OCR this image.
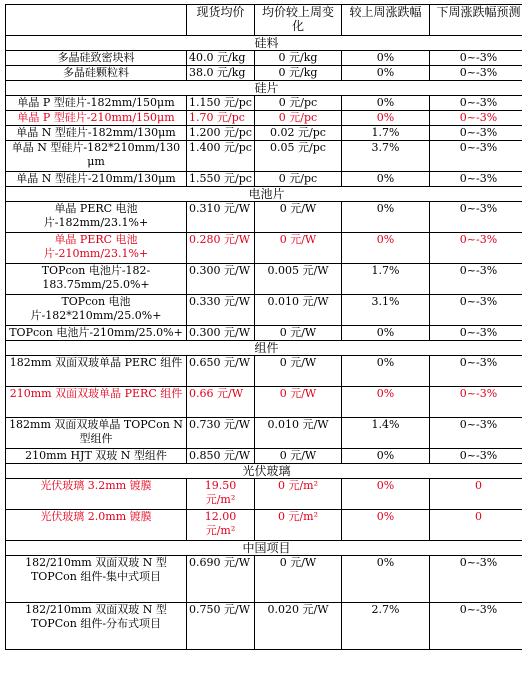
	现货均价	均价较上周变化	较上周涨跌幅	下周涨跌幅预测
硅料				
多晶硅致密块料	40.0 元/kg	0 元/kg	0%	0~-3%
多晶硅颗粒料	38.0 元/kg	0 元/kg	0%	0~-3%
硅片				
单晶 P 型硅片-182mm/150μm	1.150 元/pc	0 元/pc	0%	0~-3%
单晶 P 型硅片-210mm/150μm	1.70 元/pc	0 元/pc	0%	0~-3%
单晶 N 型硅片-182mm/130μm	1.200 元/pc	0.02 元/pc	1.7%	0~-3%
单晶 N 型硅片-182*210mm/130 μm	1.400 元/pc	0.05 元/pc	3.7%	0~-3%
单晶 N 型硅片-210mm/130μm	1.550 元/pc	0 元/pc	0%	0~-3%
电池片				
单晶 PERC 电池片-182mm/23.1%+	0.310 元/W	0 元/W	0%	0~-3%
单晶 PERC 电池片-210mm/23.1%+	0.280 元/W	0 元/W	0%	0~-3%
TOPcon 电池片-182-183.75mm/25.0%+	0.300 元/W	0.005 元/W	1.7%	0~-3%
TOPcon 电池片-182*210mm/25.0%+	0.330 元/W	0.010 元/W	3.1%	0~-3%
TOPcon 电池片-210mm/25.0%+	0.300 元/W	0 元/W	0%	0~-3%
组件				
182mm 双面双玻单晶 PERC 组件	0.650 元/W	0 元/W	0%	0~-3%
210mm 双面双玻单晶 PERC 组件	0.66 元/W	0 元/W	0%	0~-3%
182mm 双面双玻单晶 TOPCon N 型组件	0.730 元/W	0.010 元/W	1.4%	0~-3%
210mm HJT 双玻 N 型组件	0.850 元/W	0 元/W	0%	0~-3%
光伏玻璃				
光伏玻璃 3.2mm 镀膜	19.50 元/m²	0 元/m²	0%	0
光伏玻璃 2.0mm 镀膜	12.00 元/m²	0 元/m²	0%	0
中国项目				
182/210mm 双面双玻 N 型 TOPCon 组件-集中式项目	0.690 元/W	0 元/W	0%	0~-3%
182/210mm 双面双玻 N 型 TOPCon 组件-分布式项目	0.750 元/W	0.020 元/W	2.7%	0~-3%
